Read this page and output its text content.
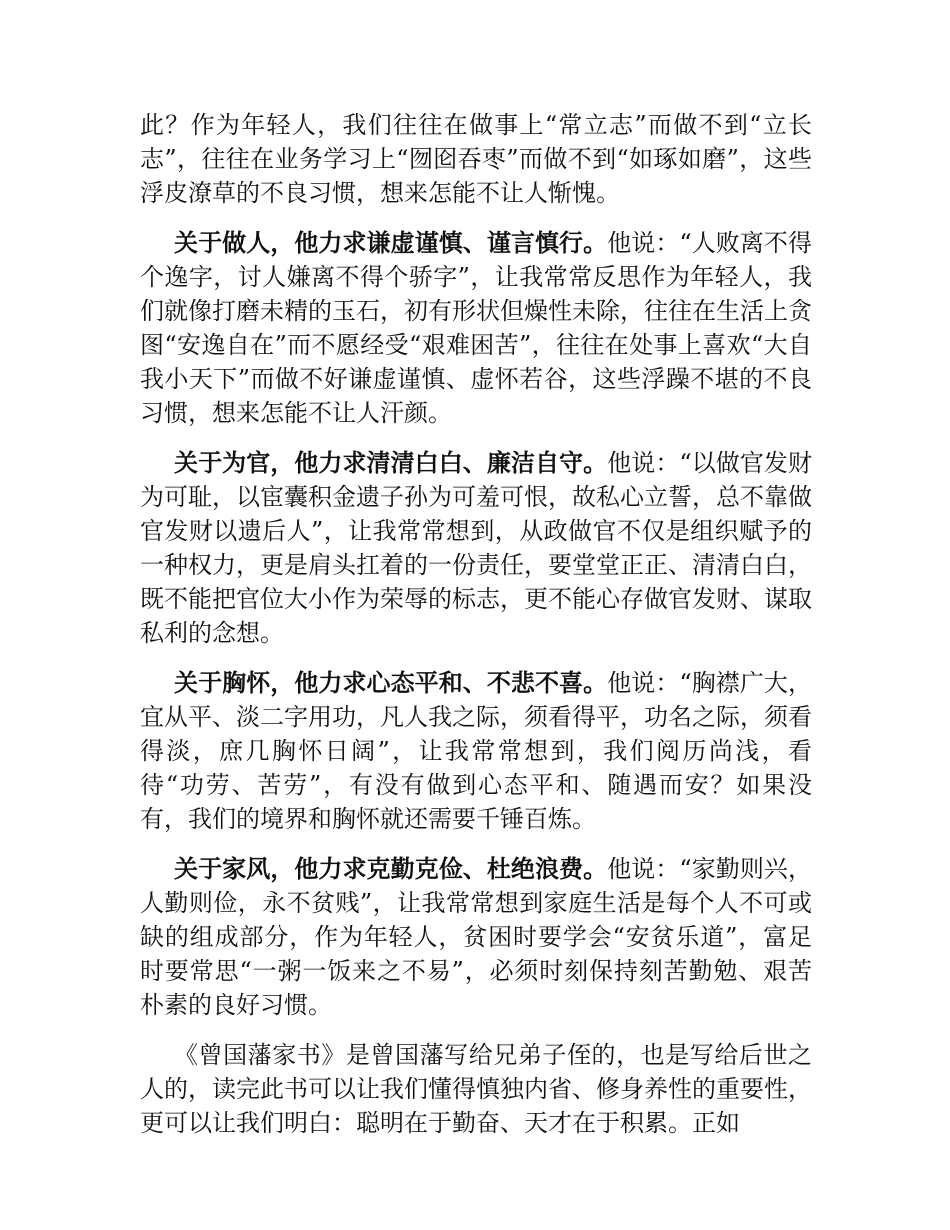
此？作为年轻人，我们往往在做事上“常立志”而做不到“立长志”，往往在业务学习上“囫囵吞枣”而做不到“如琢如磨”，这些浮皮潦草的不良习惯，想来怎能不让人惭愧。

关于做人，他力求谦虚谨慎、谨言慎行。他说：“人败离不得个逸字，讨人嫌离不得个骄字”，让我常常反思作为年轻人，我们就像打磨未精的玉石，初有形状但燥性未除，往往在生活上贪图“安逸自在”而不愿经受“艰难困苦”，往往在处事上喜欢“大自我小天下”而做不好谦虚谨慎、虚怀若谷，这些浮躁不堪的不良习惯，想来怎能不让人汗颜。

关于为官，他力求清清白白、廉洁自守。他说：“以做官发财为可耻，以宦囊积金遗子孙为可羞可恨，故私心立誓，总不靠做官发财以遗后人”，让我常常想到，从政做官不仅是组织赋予的一种权力，更是肩头扛着的一份责任，要堂堂正正、清清白白，既不能把官位大小作为荣辱的标志，更不能心存做官发财、谋取私利的念想。

关于胸怀，他力求心态平和、不悲不喜。他说：“胸襟广大，宜从平、淡二字用功，凡人我之际，须看得平，功名之际，须看得淡，庶几胸怀日阔”，让我常常想到，我们阅历尚浅，看待“功劳、苦劳”，有没有做到心态平和、随遇而安？如果没有，我们的境界和胸怀就还需要千锤百炼。

关于家风，他力求克勤克俭、杜绝浪费。他说：“家勤则兴，人勤则俭，永不贫贱”，让我常常想到家庭生活是每个人不可或缺的组成部分，作为年轻人，贫困时要学会“安贫乐道”，富足时要常思“一粥一饭来之不易”，必须时刻保持刻苦勤勉、艰苦朴素的良好习惯。

《曾国藩家书》是曾国藩写给兄弟子侄的，也是写给后世之人的，读完此书可以让我们懂得慎独内省、修身养性的重要性，更可以让我们明白：聪明在于勤奋、天才在于积累。正如
